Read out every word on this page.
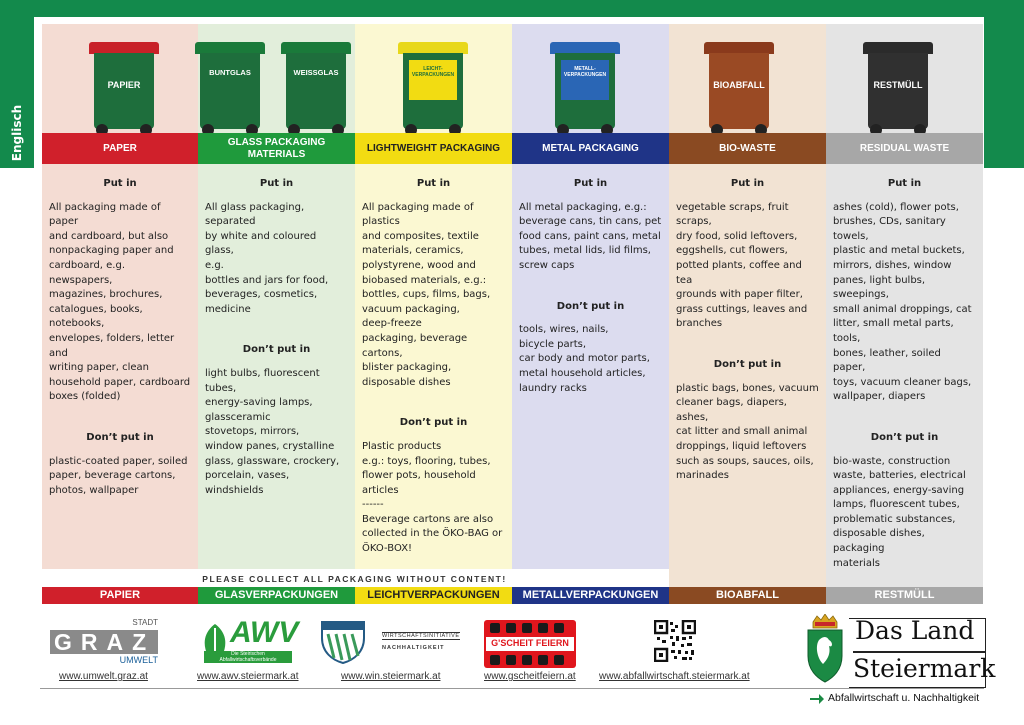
Englisch
PAPIER
PAPER
Put in
All packaging made of paper
and cardboard, but also
nonpackaging paper and
cardboard, e.g. newspapers,
magazines, brochures,
catalogues, books, notebooks,
envelopes, folders, letter and
writing paper, clean
household paper, cardboard
boxes (folded)
Don’t put in
plastic-coated paper, soiled
paper, beverage cartons,
photos, wallpaper
BUNTGLAS	WEISSGLAS
GLASS PACKAGING
MATERIALS
Put in
All glass packaging, separated
by white and coloured glass,
e.g.
bottles and jars for food,
beverages, cosmetics,
medicine
Don’t put in
light bulbs, fluorescent tubes,
energy-saving lamps,
glassceramic
stovetops, mirrors,
window panes, crystalline
glass, glassware, crockery,
porcelain, vases, windshields
LEICHT-
VERPACKUNGEN
LIGHTWEIGHT PACKAGING
Put in
All packaging made of plastics
and composites, textile
materials, ceramics,
polystyrene, wood and
biobased materials, e.g.:
bottles, cups, films, bags,
vacuum packaging,
deep-freeze
packaging, beverage cartons,
blister packaging,
disposable dishes
Don’t put in
Plastic products
e.g.: toys, flooring, tubes,
flower pots, household
articles
------
Beverage cartons are also
collected in the ÖKO-BAG or
ÖKO-BOX!
METALL-
VERPACKUNGEN
METAL PACKAGING
Put in
All metal packaging, e.g.:
beverage cans, tin cans, pet
food cans, paint cans, metal
tubes, metal lids, lid films,
screw caps
Don’t put in
tools, wires, nails,
bicycle parts,
car body and motor parts,
metal household articles,
laundry racks
BIOABFALL
BIO-WASTE
Put in
vegetable scraps, fruit scraps,
dry food, solid leftovers,
eggshells, cut flowers,
potted plants, coffee and tea
grounds with paper filter,
grass cuttings, leaves and
branches
Don’t put in
plastic bags, bones, vacuum
cleaner bags, diapers, ashes,
cat litter and small animal
droppings, liquid leftovers
such as soups, sauces, oils,
marinades
RESTMÜLL
RESIDUAL WASTE
Put in
ashes (cold), flower pots,
brushes, CDs, sanitary towels,
plastic and metal buckets,
mirrors, dishes, window
panes, light bulbs, sweepings,
small animal droppings, cat
litter, small metal parts, tools,
bones, leather, soiled paper,
toys, vacuum cleaner bags,
wallpaper, diapers
Don’t put in
bio-waste, construction
waste, batteries, electrical
appliances, energy-saving
lamps, fluorescent tubes,
problematic substances,
disposable dishes, packaging
materials
PLEASE COLLECT ALL PACKAGING WITHOUT CONTENT!
PAPIER	GLASVERPACKUNGEN	LEICHTVERPACKUNGEN	METALLVERPACKUNGEN	BIOABFALL	RESTMÜLL
STADT
GRAZ
UMWELT
AWV
Die Steirischen
Abfallwirtschaftsverbände
WIRTSCHAFTSINITIATIVE
NACHHALTIGKEIT	G'SCHEIT FEIERN	Das Land
Steiermark
www.umwelt.graz.at	www.awv.steiermark.at	www.win.steiermark.at	www.gscheitfeiern.at www.abfallwirtschaft.steiermark.at
Abfallwirtschaft u. Nachhaltigkeit
